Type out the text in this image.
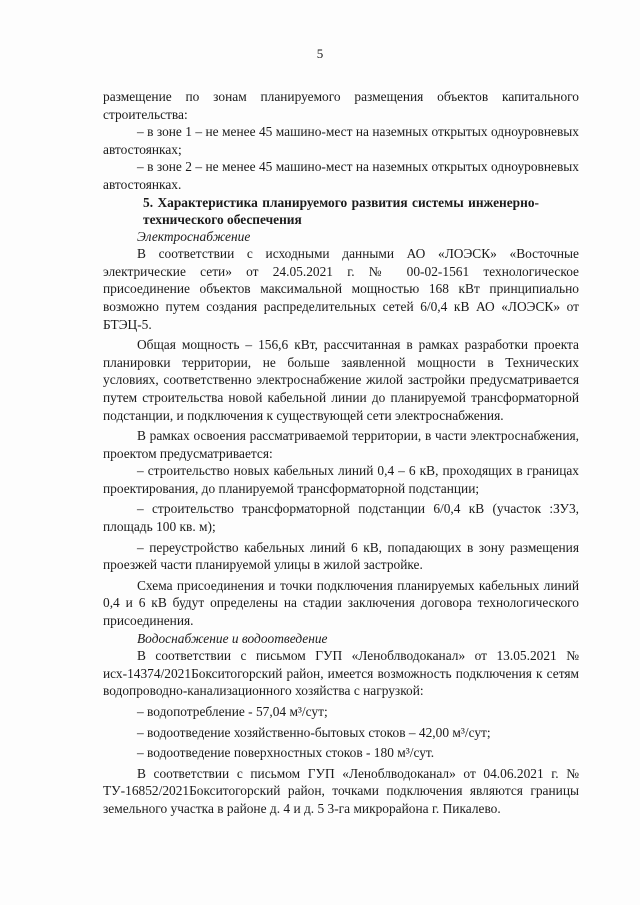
5

размещение по зонам планируемого размещения объектов капитального строительства:

– в зоне 1 – не менее 45 машино-мест на наземных открытых одноуровневых автостоянках;

– в зоне 2 – не менее 45 машино-мест на наземных открытых одноуровневых автостоянках.

5. Характеристика планируемого развития системы инженерно-технического обеспечения

Электроснабжение

В соответствии с исходными данными АО «ЛОЭСК» «Восточные электрические сети» от 24.05.2021 г. № 00-02-1561 технологическое присоединение объектов максимальной мощностью 168 кВт принципиально возможно путем создания распределительных сетей 6/0,4 кВ АО «ЛОЭСК» от БТЭЦ-5.

Общая мощность – 156,6 кВт, рассчитанная в рамках разработки проекта планировки территории, не больше заявленной мощности в Технических условиях, соответственно электроснабжение жилой застройки предусматривается путем строительства новой кабельной линии до планируемой трансформаторной подстанции, и подключения к существующей сети электроснабжения.

В рамках освоения рассматриваемой территории, в части электроснабжения, проектом предусматривается:

– строительство новых кабельных линий 0,4 – 6 кВ, проходящих в границах проектирования, до планируемой трансформаторной подстанции;

– строительство трансформаторной подстанции 6/0,4 кВ (участок :ЗУ3, площадь 100 кв. м);

– переустройство кабельных линий 6 кВ, попадающих в зону размещения проезжей части планируемой улицы в жилой застройке.

Схема присоединения и точки подключения планируемых кабельных линий 0,4 и 6 кВ будут определены на стадии заключения договора технологического присоединения.

Водоснабжение и водоотведение

В соответствии с письмом ГУП «Леноблводоканал» от 13.05.2021 № исх-14374/2021Бокситогорский район, имеется возможность подключения к сетям водопроводно-канализационного хозяйства с нагрузкой:

– водопотребление - 57,04 м³/сут;

– водоотведение хозяйственно-бытовых стоков – 42,00 м³/сут;

– водоотведение поверхностных стоков - 180 м³/сут.

В соответствии с письмом ГУП «Леноблводоканал» от 04.06.2021 г. № ТУ-16852/2021Бокситогорский район, точками подключения являются границы земельного участка в районе д. 4 и д. 5 3-га микрорайона г. Пикалево.
